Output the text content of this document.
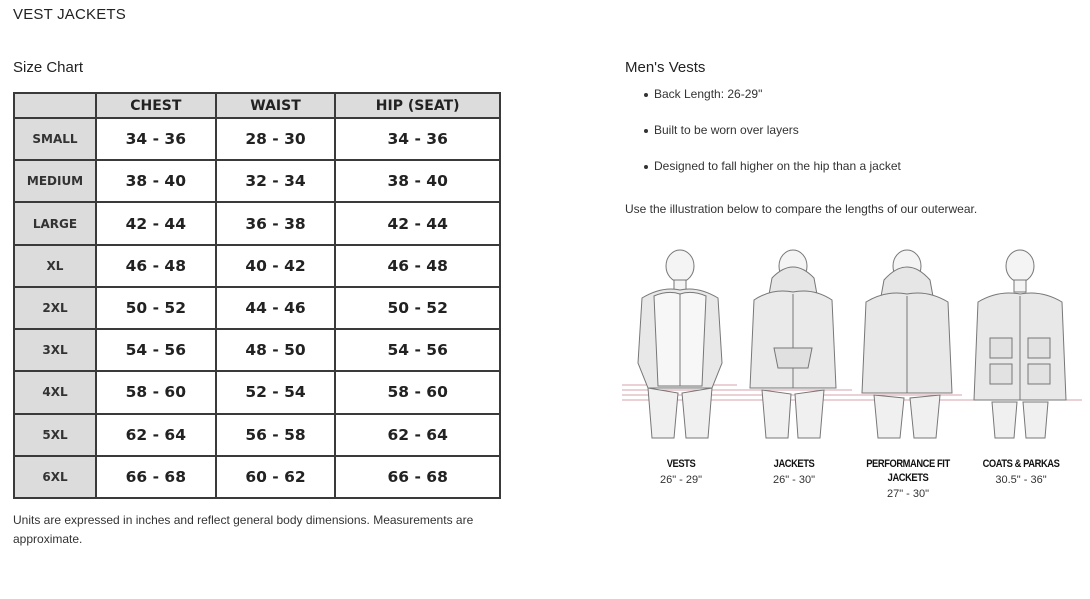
VEST JACKETS
Size Chart	Men's Vests
	CHEST	WAIST	HIP (SEAT)
SMALL	34 - 36	28 - 30	34 - 36
MEDIUM	38 - 40	32 - 34	38 - 40
LARGE	42 - 44	36 - 38	42 - 44
XL	46 - 48	40 - 42	46 - 48
2XL	50 - 52	44 - 46	50 - 52
3XL	54 - 56	48 - 50	54 - 56
4XL	58 - 60	52 - 54	58 - 60
5XL	62 - 64	56 - 58	62 - 64
6XL	66 - 68	60 - 62	66 - 68
Units are expressed in inches and reflect general body dimensions. Measurements are approximate.
Back Length: 26-29"
Built to be worn over layers
Designed to fall higher on the hip than a jacket
Use the illustration below to compare the lengths of our outerwear.
VESTS
26" - 29"
JACKETS
26" - 30"
PERFORMANCE FIT JACKETS
27" - 30"
COATS & PARKAS
30.5" - 36"
